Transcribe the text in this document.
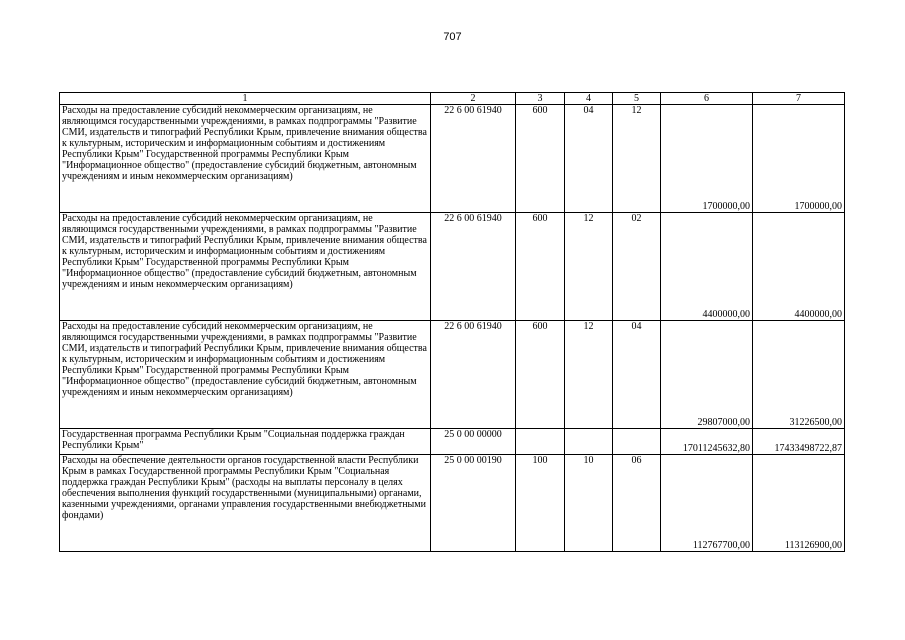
707
1	2	3	4	5	6	7
Расходы на предоставление субсидий некоммерческим организациям, не являющимся государственными учреждениями, в рамках подпрограммы "Развитие СМИ, издательств и типографий Республики Крым, привлечение внимания общества к культурным, историческим и информационным событиям и достижениям Республики Крым" Государственной программы Республики Крым "Информационное общество" (предоставление субсидий бюджетным, автономным учреждениям и иным некоммерческим организациям)	22 6 00 61940	600	04	12	1700000,00	1700000,00
Расходы на предоставление субсидий некоммерческим организациям, не являющимся государственными учреждениями, в рамках подпрограммы "Развитие СМИ, издательств и типографий Республики Крым, привлечение внимания общества к культурным, историческим и информационным событиям и достижениям Республики Крым" Государственной программы Республики Крым "Информационное общество" (предоставление субсидий бюджетным, автономным учреждениям и иным некоммерческим организациям)	22 6 00 61940	600	12	02	4400000,00	4400000,00
Расходы на предоставление субсидий некоммерческим организациям, не являющимся государственными учреждениями, в рамках подпрограммы "Развитие СМИ, издательств и типографий Республики Крым, привлечение внимания общества к культурным, историческим и информационным событиям и достижениям Республики Крым" Государственной программы Республики Крым "Информационное общество" (предоставление субсидий бюджетным, автономным учреждениям и иным некоммерческим организациям)	22 6 00 61940	600	12	04	29807000,00	31226500,00
Государственная программа Республики Крым "Социальная поддержка граждан Республики Крым"	25 0 00 00000				17011245632,80	17433498722,87
Расходы на обеспечение деятельности органов государственной власти Республики Крым в рамках Государственной программы Республики Крым "Социальная поддержка граждан Республики Крым" (расходы на выплаты персоналу в целях обеспечения выполнения функций государственными (муниципальными) органами, казенными учреждениями, органами управления государственными внебюджетными фондами)	25 0 00 00190	100	10	06	112767700,00	113126900,00
